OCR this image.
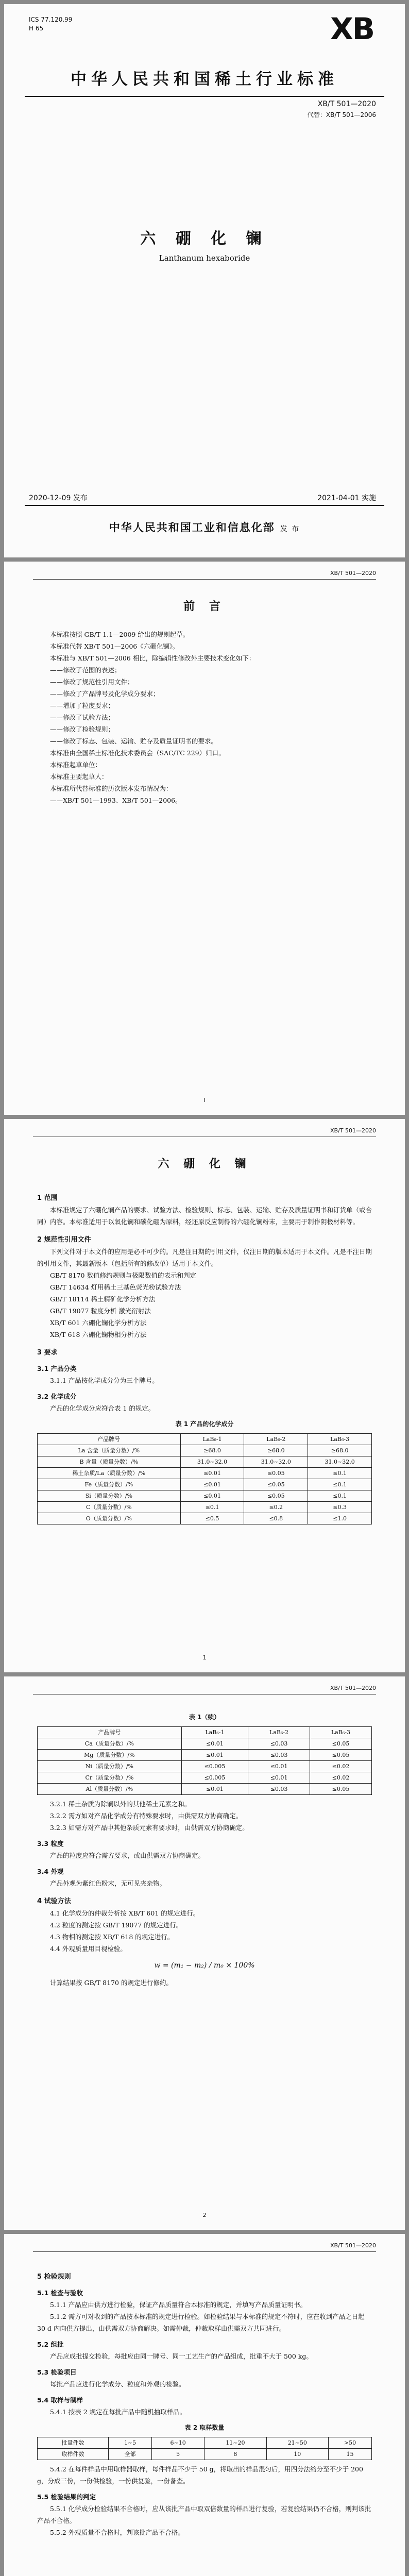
ICS 77.120.99
H 65	XB
中华人民共和国稀土行业标准
XB/T 501—2020
代替：XB/T 501—2006
六 硼 化 镧
Lanthanum hexaboride
2020-12-09 发布	2021-04-01 实施
中华人民共和国工业和信息化部 发 布
XB/T 501—2020
前 言

本标准按照 GB/T 1.1—2009 给出的规则起草。

本标准代替 XB/T 501—2006《六硼化镧》。

本标准与 XB/T 501—2006 相比，除编辑性修改外主要技术变化如下：

——修改了范围的表述；

——修改了规范性引用文件；

——修改了产品牌号及化学成分要求；

——增加了粒度要求；

——修改了试验方法；

——修改了检验规则；

——修改了标志、包装、运输、贮存及质量证明书的要求。

本标准由全国稀土标准化技术委员会（SAC/TC 229）归口。

本标准起草单位：

本标准主要起草人：

本标准所代替标准的历次版本发布情况为：

——XB/T 501—1993、XB/T 501—2006。

Ⅰ
XB/T 501—2020
六 硼 化 镧

1 范围

本标准规定了六硼化镧产品的要求、试验方法、检验规则、标志、包装、运输、贮存及质量证明书和订货单（或合同）内容。本标准适用于以氧化镧和碳化硼为原料，经还原反应制得的六硼化镧粉末，主要用于制作阴极材料等。

2 规范性引用文件

下列文件对于本文件的应用是必不可少的。凡是注日期的引用文件，仅注日期的版本适用于本文件。凡是不注日期的引用文件，其最新版本（包括所有的修改单）适用于本文件。

GB/T 8170 数值修约规则与极限数值的表示和判定

GB/T 14634 灯用稀土三基色荧光粉试验方法

GB/T 18114 稀土精矿化学分析方法

GB/T 19077 粒度分析 激光衍射法

XB/T 601 六硼化镧化学分析方法

XB/T 618 六硼化镧物相分析方法

3 要求

3.1 产品分类

3.1.1 产品按化学成分分为三个牌号。

3.2 化学成分

产品的化学成分应符合表 1 的规定。

表 1 产品的化学成分

产品牌号	LaB₆-1	LaB₆-2	LaB₆-3
La 含量（质量分数）/%	≥68.0	≥68.0	≥68.0
B 含量（质量分数）/%	31.0~32.0	31.0~32.0	31.0~32.0
稀土杂质/La（质量分数）/%	≤0.01	≤0.05	≤0.1
Fe（质量分数）/%	≤0.01	≤0.05	≤0.1
Si（质量分数）/%	≤0.01	≤0.05	≤0.1
C（质量分数）/%	≤0.1	≤0.2	≤0.3
O（质量分数）/%	≤0.5	≤0.8	≤1.0
1
XB/T 501—2020

表 1（续）

产品牌号	LaB₆-1	LaB₆-2	LaB₆-3
Ca（质量分数）/%	≤0.01	≤0.03	≤0.05
Mg（质量分数）/%	≤0.01	≤0.03	≤0.05
Ni（质量分数）/%	≤0.005	≤0.01	≤0.02
Cr（质量分数）/%	≤0.005	≤0.01	≤0.02
Al（质量分数）/%	≤0.01	≤0.03	≤0.05

3.2.1 稀土杂质为除镧以外的其他稀土元素之和。

3.2.2 需方如对产品化学成分有特殊要求时，由供需双方协商确定。

3.2.3 如需方对产品中其他杂质元素有要求时，由供需双方协商确定。

3.3 粒度

产品的粒度应符合需方要求，或由供需双方协商确定。

3.4 外观

产品外观为紫红色粉末，无可见夹杂物。

4 试验方法

4.1 化学成分的仲裁分析按 XB/T 601 的规定进行。

4.2 粒度的测定按 GB/T 19077 的规定进行。

4.3 物相的测定按 XB/T 618 的规定进行。

4.4 外观质量用目视检验。

w = (m₁ − m₂) / m₀ × 100%

计算结果按 GB/T 8170 的规定进行修约。

2
XB/T 501—2020

5 检验规则

5.1 检查与验收

5.1.1 产品应由供方进行检验，保证产品质量符合本标准的规定，并填写产品质量证明书。

5.1.2 需方可对收到的产品按本标准的规定进行检验。如检验结果与本标准的规定不符时，应在收到产品之日起 30 d 内向供方提出，由供需双方协商解决。如需仲裁，仲裁取样由供需双方共同进行。

5.2 组批

产品应成批提交检验，每批应由同一牌号、同一工艺生产的产品组成，批重不大于 500 kg。

5.3 检验项目

每批产品应进行化学成分、粒度和外观的检验。

5.4 取样与制样

5.4.1 按表 2 规定在每批产品中随机抽取样品。

表 2 取样数量

批量件数	1~5	6~10	11~20	21~50	>50
取样件数	全部	5	8	10	15

5.4.2 在每件样品中用取样器取样，每件样品不少于 50 g，将取出的样品混匀后，用四分法缩分至不少于 200 g，分成三份，一份供检验，一份供复验，一份备查。

5.5 检验结果的判定

5.5.1 化学成分检验结果不合格时，应从该批产品中取双倍数量的样品进行复验，若复验结果仍不合格，则判该批产品不合格。

5.5.2 外观质量不合格时，判该批产品不合格。
